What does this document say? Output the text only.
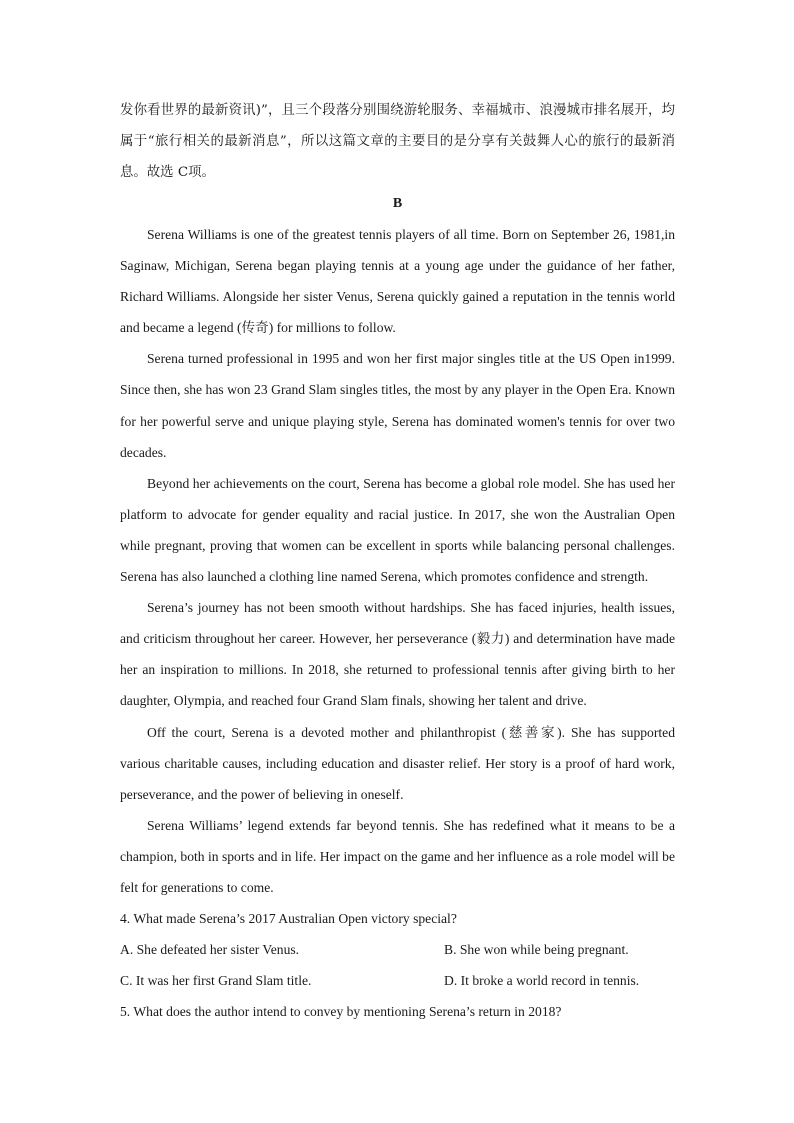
发你看世界的最新资讯)”，且三个段落分别围绕游轮服务、幸福城市、浪漫城市排名展开，均属于“旅行相关的最新消息”，所以这篇文章的主要目的是分享有关鼓舞人心的旅行的最新消息。故选 C项。

B

Serena Williams is one of the greatest tennis players of all time. Born on September 26, 1981,in Saginaw, Michigan, Serena began playing tennis at a young age under the guidance of her father, Richard Williams. Alongside her sister Venus, Serena quickly gained a reputation in the tennis world and became a legend (传奇) for millions to follow.

Serena turned professional in 1995 and won her first major singles title at the US Open in1999. Since then, she has won 23 Grand Slam singles titles, the most by any player in the Open Era. Known for her powerful serve and unique playing style, Serena has dominated women's tennis for over two decades.

Beyond her achievements on the court, Serena has become a global role model. She has used her platform to advocate for gender equality and racial justice. In 2017, she won the Australian Open while pregnant, proving that women can be excellent in sports while balancing personal challenges. Serena has also launched a clothing line named Serena, which promotes confidence and strength.

Serena’s journey has not been smooth without hardships. She has faced injuries, health issues, and criticism throughout her career. However, her perseverance (毅力) and determination have made her an inspiration to millions. In 2018, she returned to professional tennis after giving birth to her daughter, Olympia, and reached four Grand Slam finals, showing her talent and drive.

Off the court, Serena is a devoted mother and philanthropist (慈善家). She has supported various charitable causes, including education and disaster relief. Her story is a proof of hard work, perseverance, and the power of believing in oneself.

Serena Williams’ legend extends far beyond tennis. She has redefined what it means to be a champion, both in sports and in life. Her impact on the game and her influence as a role model will be felt for generations to come.

4. What made Serena’s 2017 Australian Open victory special?

A. She defeated her sister Venus.	B. She won while being pregnant.
C. It was her first Grand Slam title.	D. It broke a world record in tennis.

5. What does the author intend to convey by mentioning Serena’s return in 2018?
